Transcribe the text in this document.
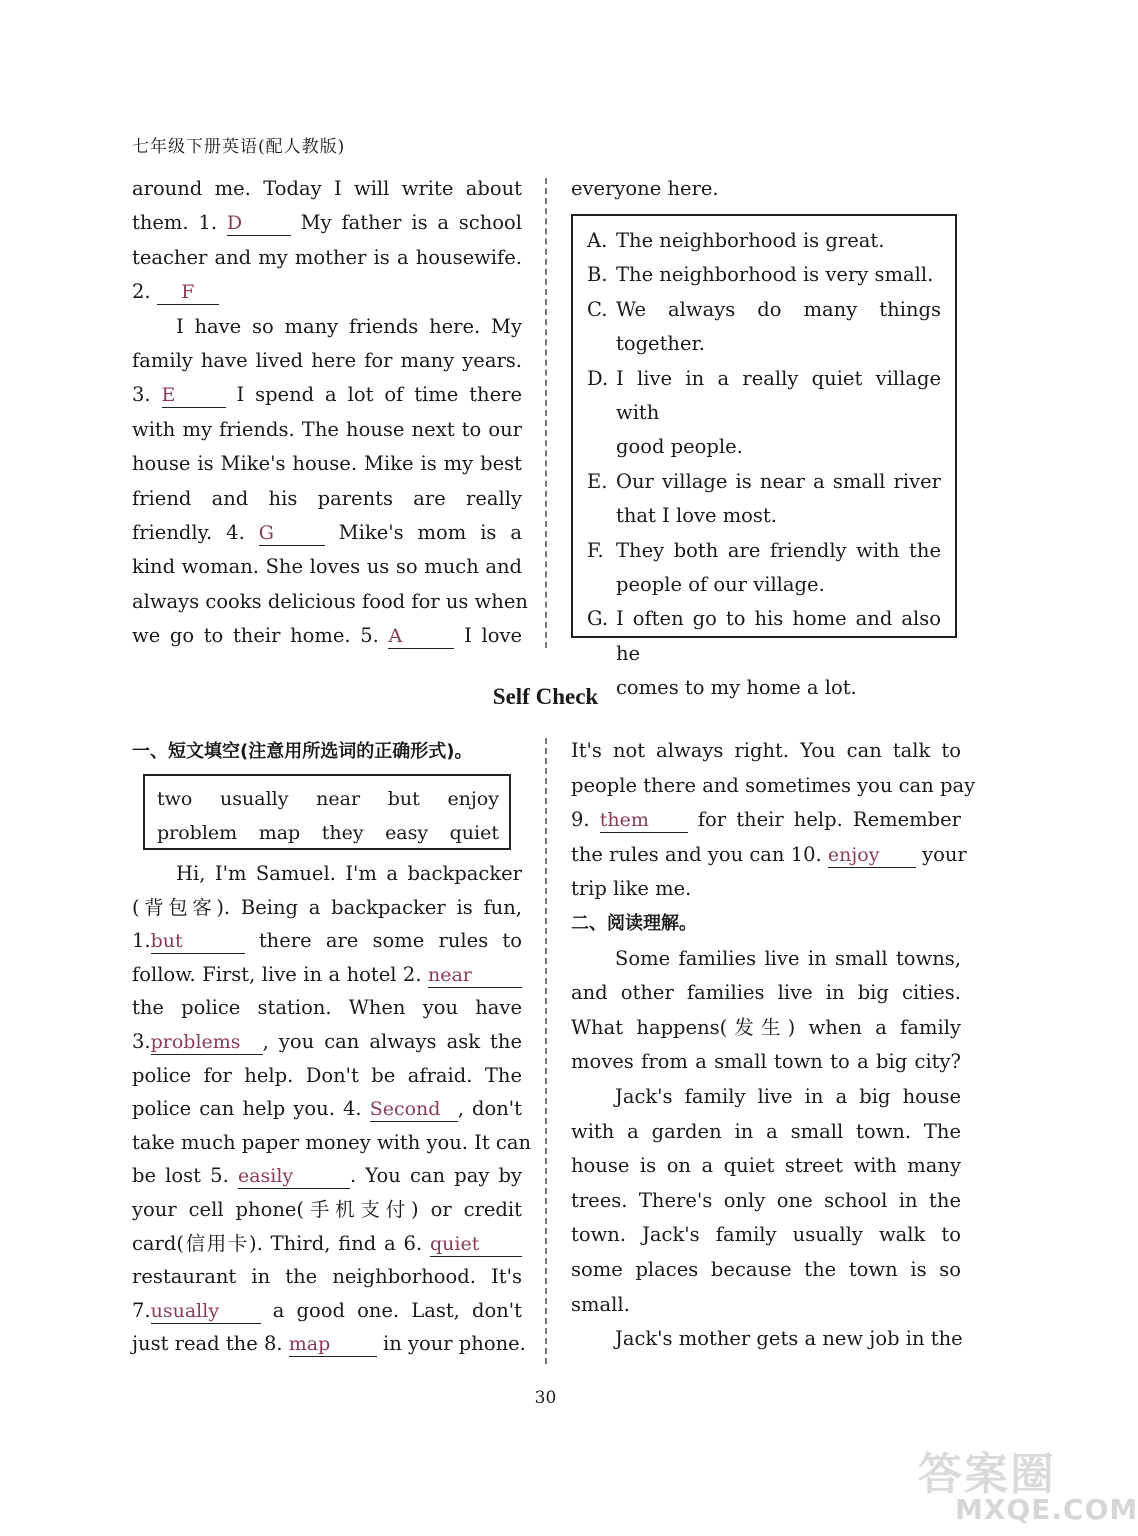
七年级下册英语(配人教版)
around me. Today I will write about
them. 1. D	My father is a school
teacher and my mother is a housewife.
2. F
I have so many friends here. My
family have lived here for many years.
3. E	I spend a lot of time there
with my friends. The house next to our
house is Mike's house. Mike is my best
friend and his parents are really
friendly. 4. G	Mike's mom is a
kind woman. She loves us so much and
always cooks delicious food for us when
we go to their home. 5. A	I love
everyone here.
A. The neighborhood is great.
B. The neighborhood is very small.
C. We always do many things
together.
D. I live in a really quiet village with
good people.
E. Our village is near a small river
that I love most.
F. They both are friendly with the
people of our village.
G. I often go to his home and also he
comes to my home a lot.
Self Check
一、短文填空(注意用所选词的正确形式)。
two usually near but enjoy
problem map they easy quiet
Hi, I'm Samuel. I'm a backpacker
(背包客). Being a backpacker is fun,
1.but	there are some rules to
follow. First, live in a hotel 2. near
the police station. When you have
3.problems , you can always ask the
police for help. Don't be afraid. The
police can help you. 4. Second , don't
take much paper money with you. It can
be lost 5. easily	. You can pay by
your cell phone(手机支付) or credit
card(信用卡). Third, find a 6. quiet
restaurant in the neighborhood. It's
7.usually	a good one. Last, don't
just read the 8. map	in your phone.
It's not always right. You can talk to
people there and sometimes you can pay
9. them	for their help. Remember
the rules and you can 10. enjoy your
trip like me.
二、阅读理解。
Some families live in small towns,
and other families live in big cities.
What happens(发生) when a family
moves from a small town to a big city?
Jack's family live in a big house
with a garden in a small town. The
house is on a quiet street with many
trees. There's only one school in the
town. Jack's family usually walk to
some places because the town is so
small.
Jack's mother gets a new job in the
30
答案圈
MXQE.COM
